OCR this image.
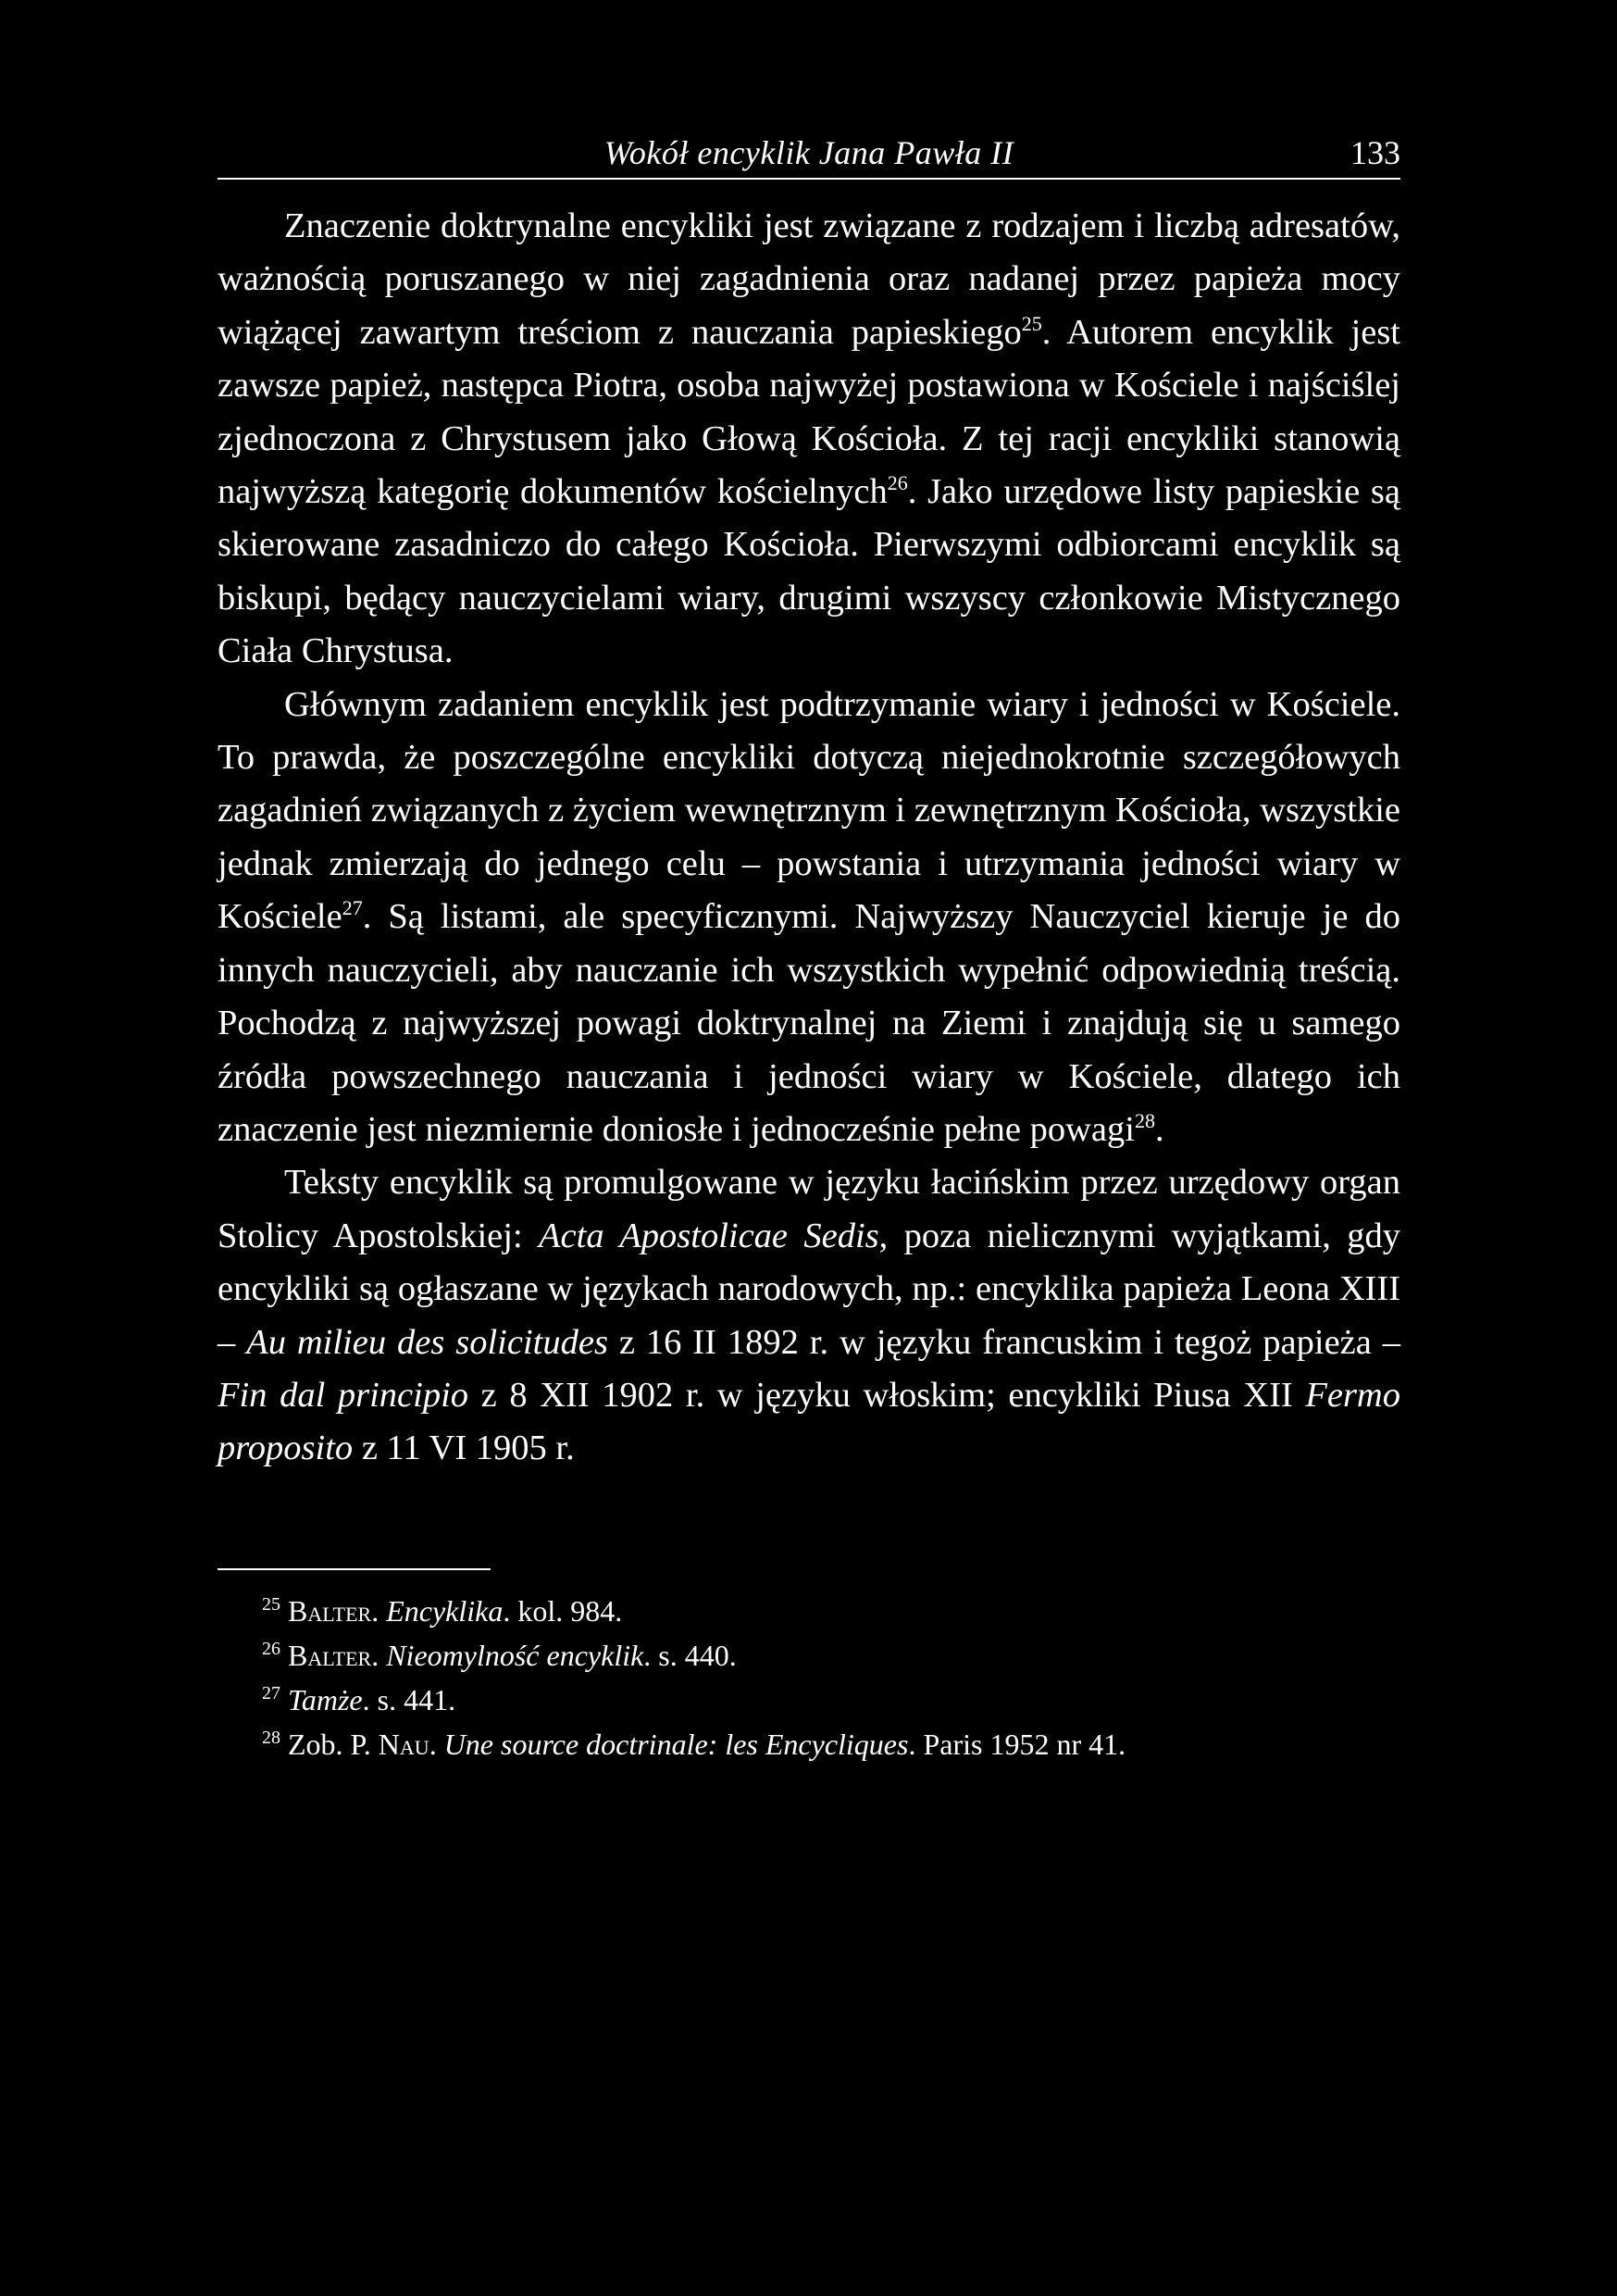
Wokół encyklik Jana Pawła II	133

Znaczenie doktrynalne encykliki jest związane z rodzajem i liczbą adresatów, ważnością poruszanego w niej zagadnienia oraz nadanej przez papieża mocy wiążącej zawartym treściom z nauczania papieskiego$^{25}$. Autorem encyklik jest zawsze papież, następca Piotra, osoba najwyżej postawiona w Kościele i najściślej zjednoczona z Chrystusem jako Głową Kościoła. Z tej racji encykliki stanowią najwyższą kategorię dokumentów kościelnych$^{26}$. Jako urzędowe listy papieskie są skierowane zasadniczo do całego Kościoła. Pierwszymi odbiorcami encyklik są biskupi, będący nauczycielami wiary, drugimi wszyscy członkowie Mistycznego Ciała Chrystusa.

Głównym zadaniem encyklik jest podtrzymanie wiary i jedności w Kościele. To prawda, że poszczególne encykliki dotyczą niejednokrotnie szczegółowych zagadnień związanych z życiem wewnętrznym i zewnętrznym Kościoła, wszystkie jednak zmierzają do jednego celu – powstania i utrzymania jedności wiary w Kościele$^{27}$. Są listami, ale specyficznymi. Najwyższy Nauczyciel kieruje je do innych nauczycieli, aby nauczanie ich wszystkich wypełnić odpowiednią treścią. Pochodzą z najwyższej powagi doktrynalnej na Ziemi i znajdują się u samego źródła powszechnego nauczania i jedności wiary w Kościele, dlatego ich znaczenie jest niezmiernie doniosłe i jednocześnie pełne powagi$^{28}$.

Teksty encyklik są promulgowane w języku łacińskim przez urzędowy organ Stolicy Apostolskiej: Acta Apostolicae Sedis, poza nielicznymi wyjątkami, gdy encykliki są ogłaszane w językach narodowych, np.: encyklika papieża Leona XIII – Au milieu des solicitudes z 16 II 1892 r. w języku francuskim i tegoż papieża – Fin dal principio z 8 XII 1902 r. w języku włoskim; encykliki Piusa XII Fermo proposito z 11 VI 1905 r.

$^{25}$ Balter. Encyklika. kol. 984.

$^{26}$ Balter. Nieomylność encyklik. s. 440.

$^{27}$ Tamże. s. 441.

$^{28}$ Zob. P. Nau. Une source doctrinale: les Encycliques. Paris 1952 nr 41.
